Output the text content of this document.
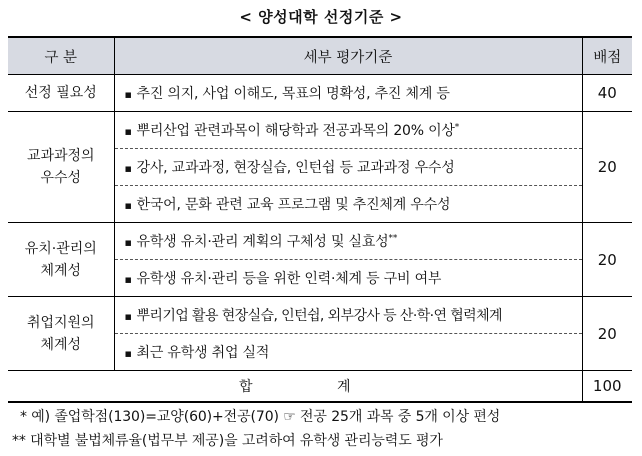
< 양성대학 선정기준 >
구 분	세부 평가기준	배점
선정 필요성	▪ 추진 의지, 사업 이해도, 목표의 명확성, 추진 체계 등	40
교과과정의
우수성	▪ 뿌리산업 관련과목이 해당학과 전공과목의 20% 이상*	20
	▪ 강사, 교과과정, 현장실습, 인턴쉽 등 교과과정 우수성	
	▪ 한국어, 문화 관련 교육 프로그램 및 추진체계 우수성	
유치·관리의
체계성	▪ 유학생 유치·관리 계획의 구체성 및 실효성**	20
	▪ 유학생 유치·관리 등을 위한 인력·체계 등 구비 여부	
취업지원의
체계성	▪ 뿌리기업 활용 현장실습, 인턴쉽, 외부강사 등 산·학·연 협력체계	20
	▪ 최근 유학생 취업 실적	
합 계		100
* 예) 졸업학점(130)=교양(60)+전공(70) ☞ 전공 25개 과목 중 5개 이상 편성
** 대학별 불법체류율(법무부 제공)을 고려하여 유학생 관리능력도 평가
